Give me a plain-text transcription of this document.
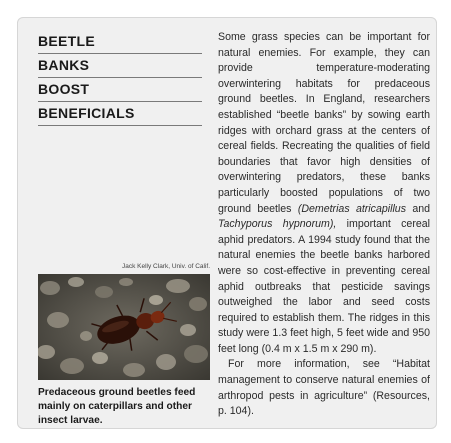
BEETLE
BANKS
BOOST
BENEFICIALS
Jack Kelly Clark, Univ. of Calif.
Predaceous ground beetles feed mainly on caterpillars and other insect larvae.

Some grass species can be important for natural enemies. For example, they can provide temperature-moderating overwintering habitats for predaceous ground beetles. In England, researchers established “beetle banks” by sowing earth ridges with orchard grass at the centers of cereal fields. Recreating the qualities of field boundaries that favor high densities of overwintering predators, these banks particularly boosted populations of two ground beetles (Demetrias atricapillus and Tachyporus hypnorum), important cereal aphid predators. A 1994 study found that the natural enemies the beetle banks harbored were so cost-effective in preventing cereal aphid outbreaks that pesticide savings outweighed the labor and seed costs required to establish them. The ridges in this study were 1.3 feet high, 5 feet wide and 950 feet long (0.4 m x 1.5 m x 290 m).

For more information, see “Habitat management to conserve natural enemies of arthropod pests in agriculture” (Resources, p. 104).
